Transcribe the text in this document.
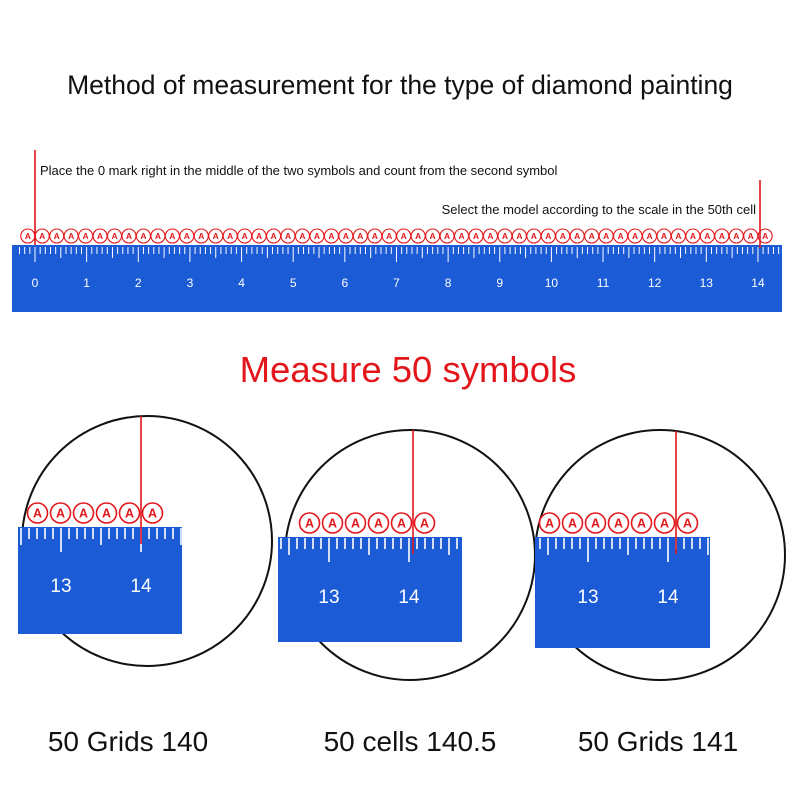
Method of measurement for the type of diamond painting
Place the 0 mark right in the middle of the two symbols and count from the second symbol
Select the model according to the scale in the 50th cell
0	1	2	3	4	5	6	7	8	9	10	11	12	13	14
A A A A A A A A A A A A A A A A A A A A A A A A A A A A A A A A A A A A A A A A A A A A A A A A A A A A
Measure 50 symbols
13	14
A A A A A A
13	14
A A A A A A
13	14
A A A A A A A
50 Grids 140	50 cells 140.5	50 Grids 141
